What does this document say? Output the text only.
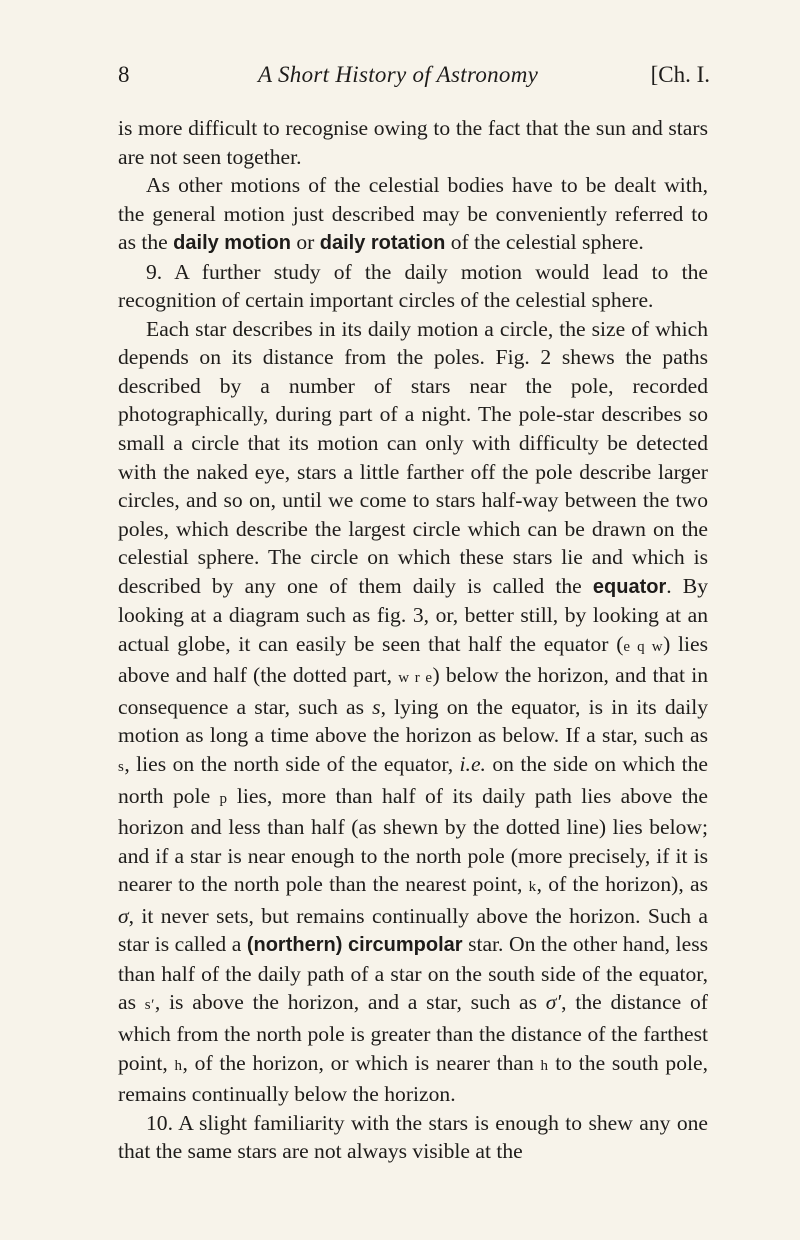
8	A Short History of Astronomy	[Ch. I.

is more difficult to recognise owing to the fact that the sun and stars are not seen together.

As other motions of the celestial bodies have to be dealt with, the general motion just described may be conveniently referred to as the daily motion or daily rotation of the celestial sphere.

9. A further study of the daily motion would lead to the recognition of certain important circles of the celestial sphere.

Each star describes in its daily motion a circle, the size of which depends on its distance from the poles. Fig. 2 shews the paths described by a number of stars near the pole, recorded photographically, during part of a night. The pole-star describes so small a circle that its motion can only with difficulty be detected with the naked eye, stars a little farther off the pole describe larger circles, and so on, until we come to stars half-way between the two poles, which describe the largest circle which can be drawn on the celestial sphere. The circle on which these stars lie and which is described by any one of them daily is called the equator. By looking at a diagram such as fig. 3, or, better still, by looking at an actual globe, it can easily be seen that half the equator (e q w) lies above and half (the dotted part, w r e) below the horizon, and that in consequence a star, such as s, lying on the equator, is in its daily motion as long a time above the horizon as below. If a star, such as s, lies on the north side of the equator, i.e. on the side on which the north pole p lies, more than half of its daily path lies above the horizon and less than half (as shewn by the dotted line) lies below; and if a star is near enough to the north pole (more precisely, if it is nearer to the north pole than the nearest point, k, of the horizon), as σ, it never sets, but remains continually above the horizon. Such a star is called a (northern) circumpolar star. On the other hand, less than half of the daily path of a star on the south side of the equator, as s′, is above the horizon, and a star, such as σ′, the distance of which from the north pole is greater than the distance of the farthest point, h, of the horizon, or which is nearer than h to the south pole, remains continually below the horizon.

10. A slight familiarity with the stars is enough to shew any one that the same stars are not always visible at the
